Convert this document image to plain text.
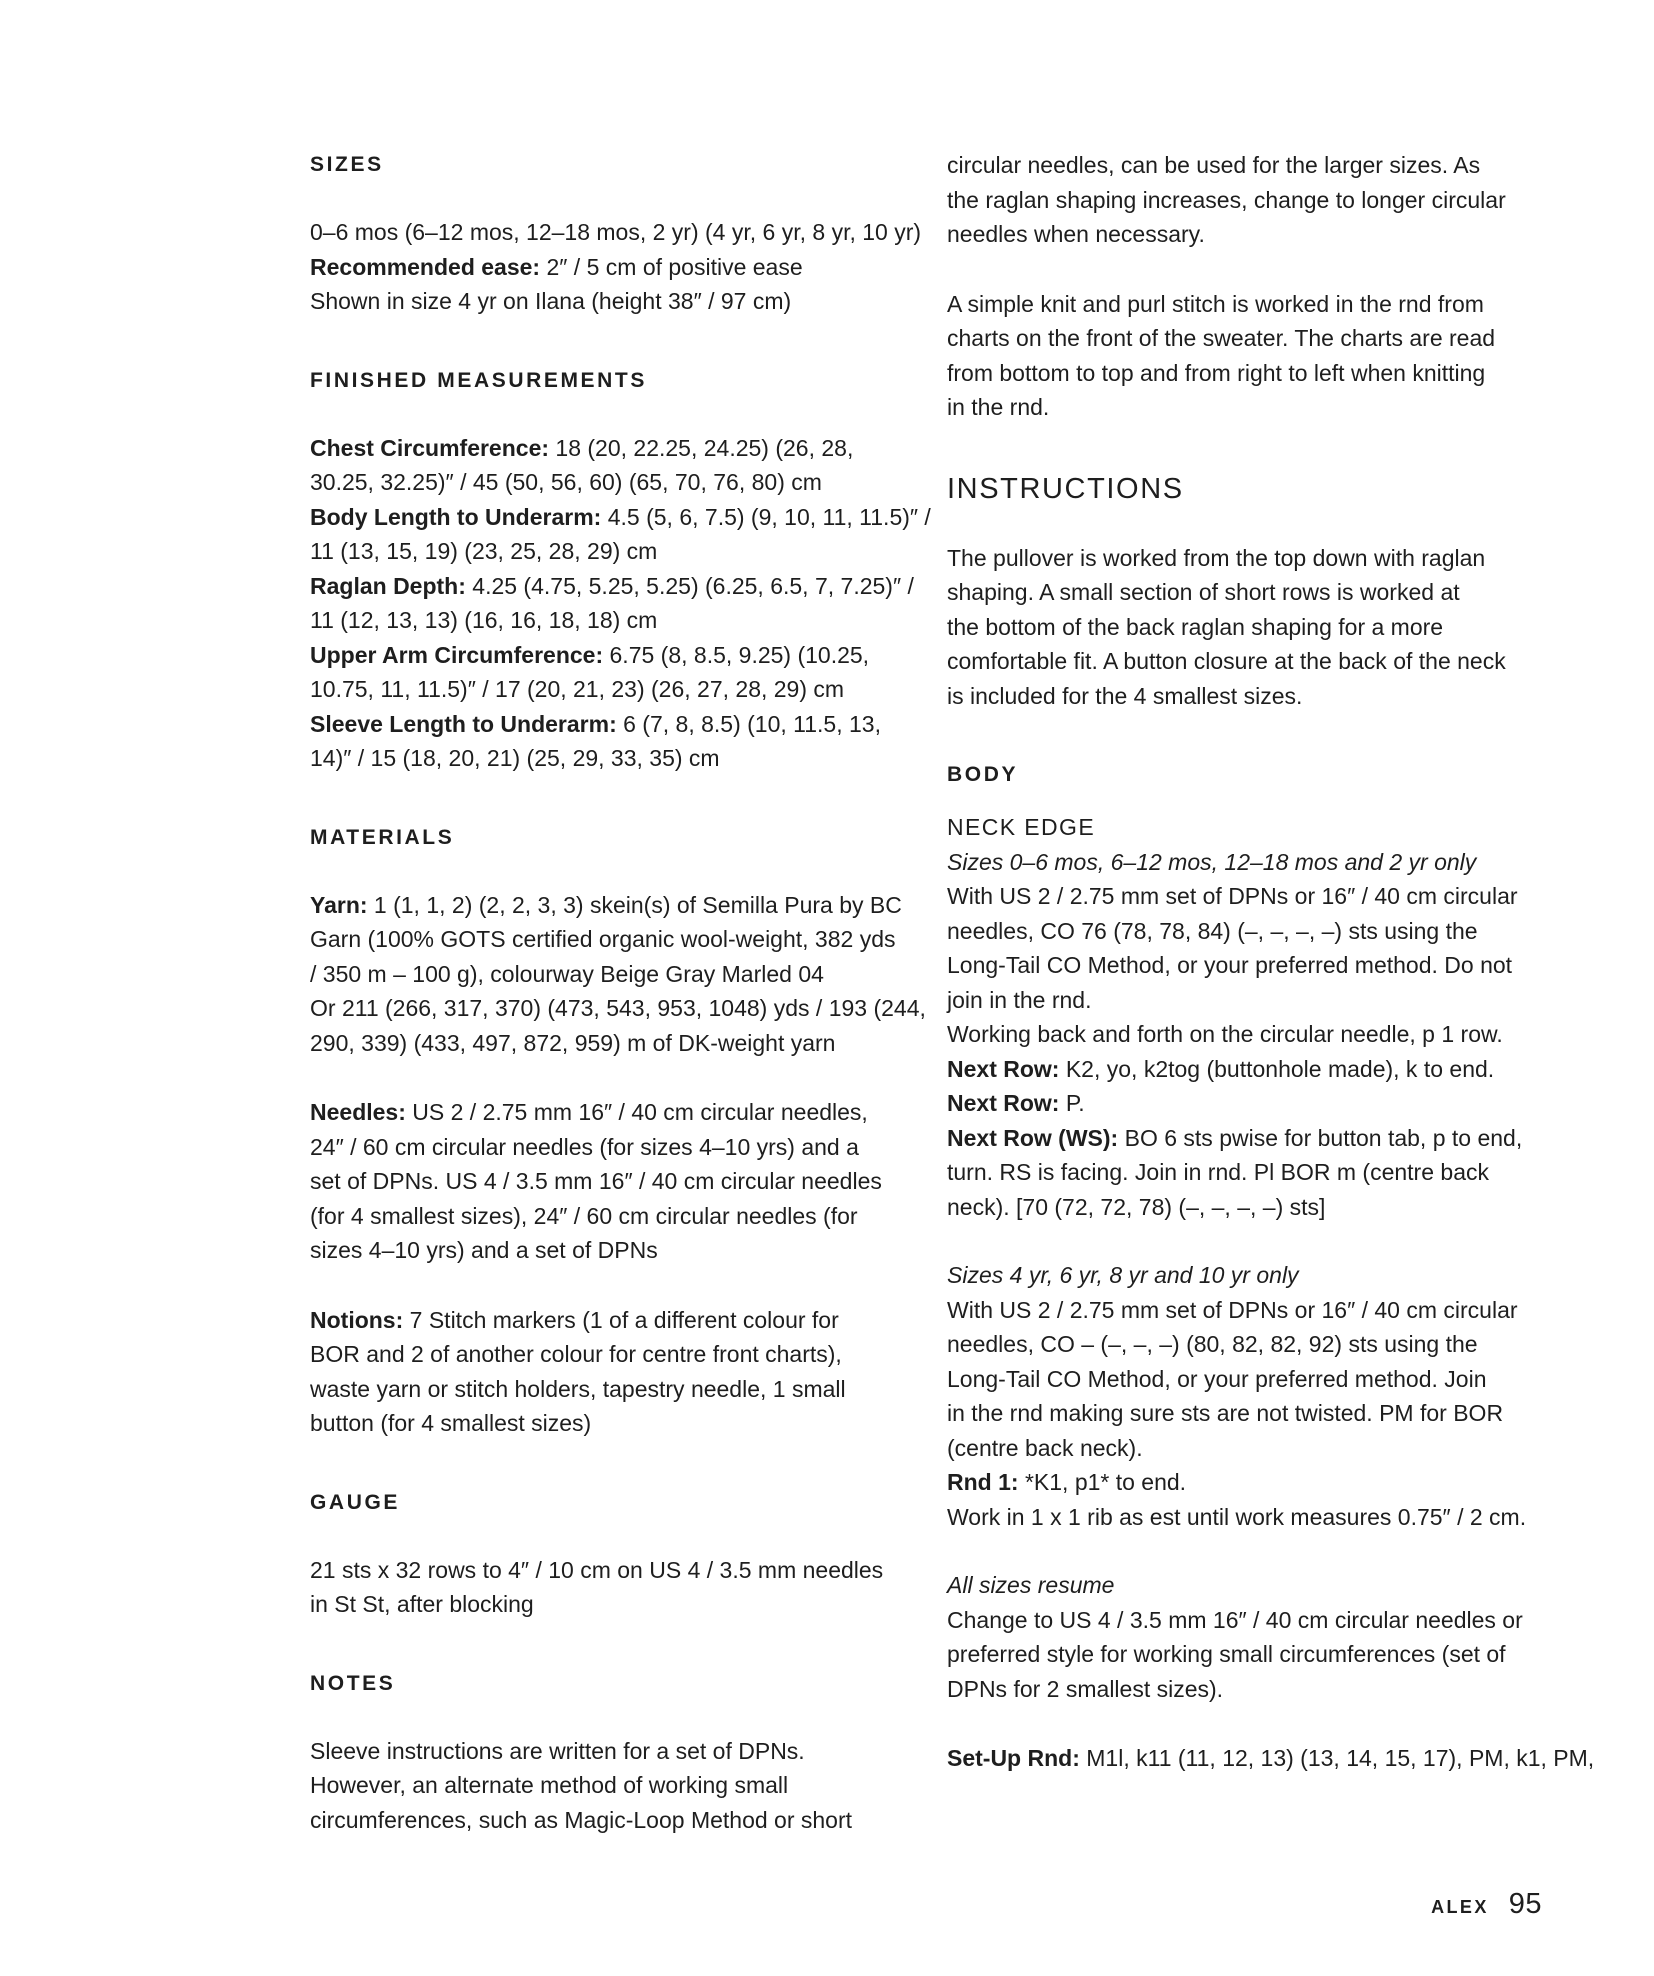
SIZES
0–6 mos (6–12 mos, 12–18 mos, 2 yr) (4 yr, 6 yr, 8 yr, 10 yr)
Recommended ease: 2″ / 5 cm of positive ease
Shown in size 4 yr on Ilana (height 38″ / 97 cm)
FINISHED MEASUREMENTS
Chest Circumference: 18 (20, 22.25, 24.25) (26, 28,
30.25, 32.25)″ / 45 (50, 56, 60) (65, 70, 76, 80) cm
Body Length to Underarm: 4.5 (5, 6, 7.5) (9, 10, 11, 11.5)″ /
11 (13, 15, 19) (23, 25, 28, 29) cm
Raglan Depth: 4.25 (4.75, 5.25, 5.25) (6.25, 6.5, 7, 7.25)″ /
11 (12, 13, 13) (16, 16, 18, 18) cm
Upper Arm Circumference: 6.75 (8, 8.5, 9.25) (10.25,
10.75, 11, 11.5)″ / 17 (20, 21, 23) (26, 27, 28, 29) cm
Sleeve Length to Underarm: 6 (7, 8, 8.5) (10, 11.5, 13,
14)″ / 15 (18, 20, 21) (25, 29, 33, 35) cm
MATERIALS
Yarn: 1 (1, 1, 2) (2, 2, 3, 3) skein(s) of Semilla Pura by BC
Garn (100% GOTS certified organic wool-weight, 382 yds
/ 350 m – 100 g), colourway Beige Gray Marled 04
Or 211 (266, 317, 370) (473, 543, 953, 1048) yds / 193 (244,
290, 339) (433, 497, 872, 959) m of DK-weight yarn
Needles: US 2 / 2.75 mm 16″ / 40 cm circular needles,
24″ / 60 cm circular needles (for sizes 4–10 yrs) and a
set of DPNs. US 4 / 3.5 mm 16″ / 40 cm circular needles
(for 4 smallest sizes), 24″ / 60 cm circular needles (for
sizes 4–10 yrs) and a set of DPNs
Notions: 7 Stitch markers (1 of a different colour for
BOR and 2 of another colour for centre front charts),
waste yarn or stitch holders, tapestry needle, 1 small
button (for 4 smallest sizes)
GAUGE
21 sts x 32 rows to 4″ / 10 cm on US 4 / 3.5 mm needles
in St St, after blocking
NOTES
Sleeve instructions are written for a set of DPNs.
However, an alternate method of working small
circumferences, such as Magic-Loop Method or short
circular needles, can be used for the larger sizes. As
the raglan shaping increases, change to longer circular
needles when necessary.
A simple knit and purl stitch is worked in the rnd from
charts on the front of the sweater. The charts are read
from bottom to top and from right to left when knitting
in the rnd.
INSTRUCTIONS
The pullover is worked from the top down with raglan
shaping. A small section of short rows is worked at
the bottom of the back raglan shaping for a more
comfortable fit. A button closure at the back of the neck
is included for the 4 smallest sizes.
BODY
NECK EDGE
Sizes 0–6 mos, 6–12 mos, 12–18 mos and 2 yr only
With US 2 / 2.75 mm set of DPNs or 16″ / 40 cm circular
needles, CO 76 (78, 78, 84) (–, –, –, –) sts using the
Long-Tail CO Method, or your preferred method. Do not
join in the rnd.
Working back and forth on the circular needle, p 1 row.
Next Row: K2, yo, k2tog (buttonhole made), k to end.
Next Row: P.
Next Row (WS): BO 6 sts pwise for button tab, p to end,
turn. RS is facing. Join in rnd. Pl BOR m (centre back
neck). [70 (72, 72, 78) (–, –, –, –) sts]
Sizes 4 yr, 6 yr, 8 yr and 10 yr only
With US 2 / 2.75 mm set of DPNs or 16″ / 40 cm circular
needles, CO – (–, –, –) (80, 82, 82, 92) sts using the
Long-Tail CO Method, or your preferred method. Join
in the rnd making sure sts are not twisted. PM for BOR
(centre back neck).
Rnd 1: *K1, p1* to end.
Work in 1 x 1 rib as est until work measures 0.75″ / 2 cm.
All sizes resume
Change to US 4 / 3.5 mm 16″ / 40 cm circular needles or
preferred style for working small circumferences (set of
DPNs for 2 smallest sizes).
Set-Up Rnd: M1l, k11 (11, 12, 13) (13, 14, 15, 17), PM, k1, PM,
ALEX 95
